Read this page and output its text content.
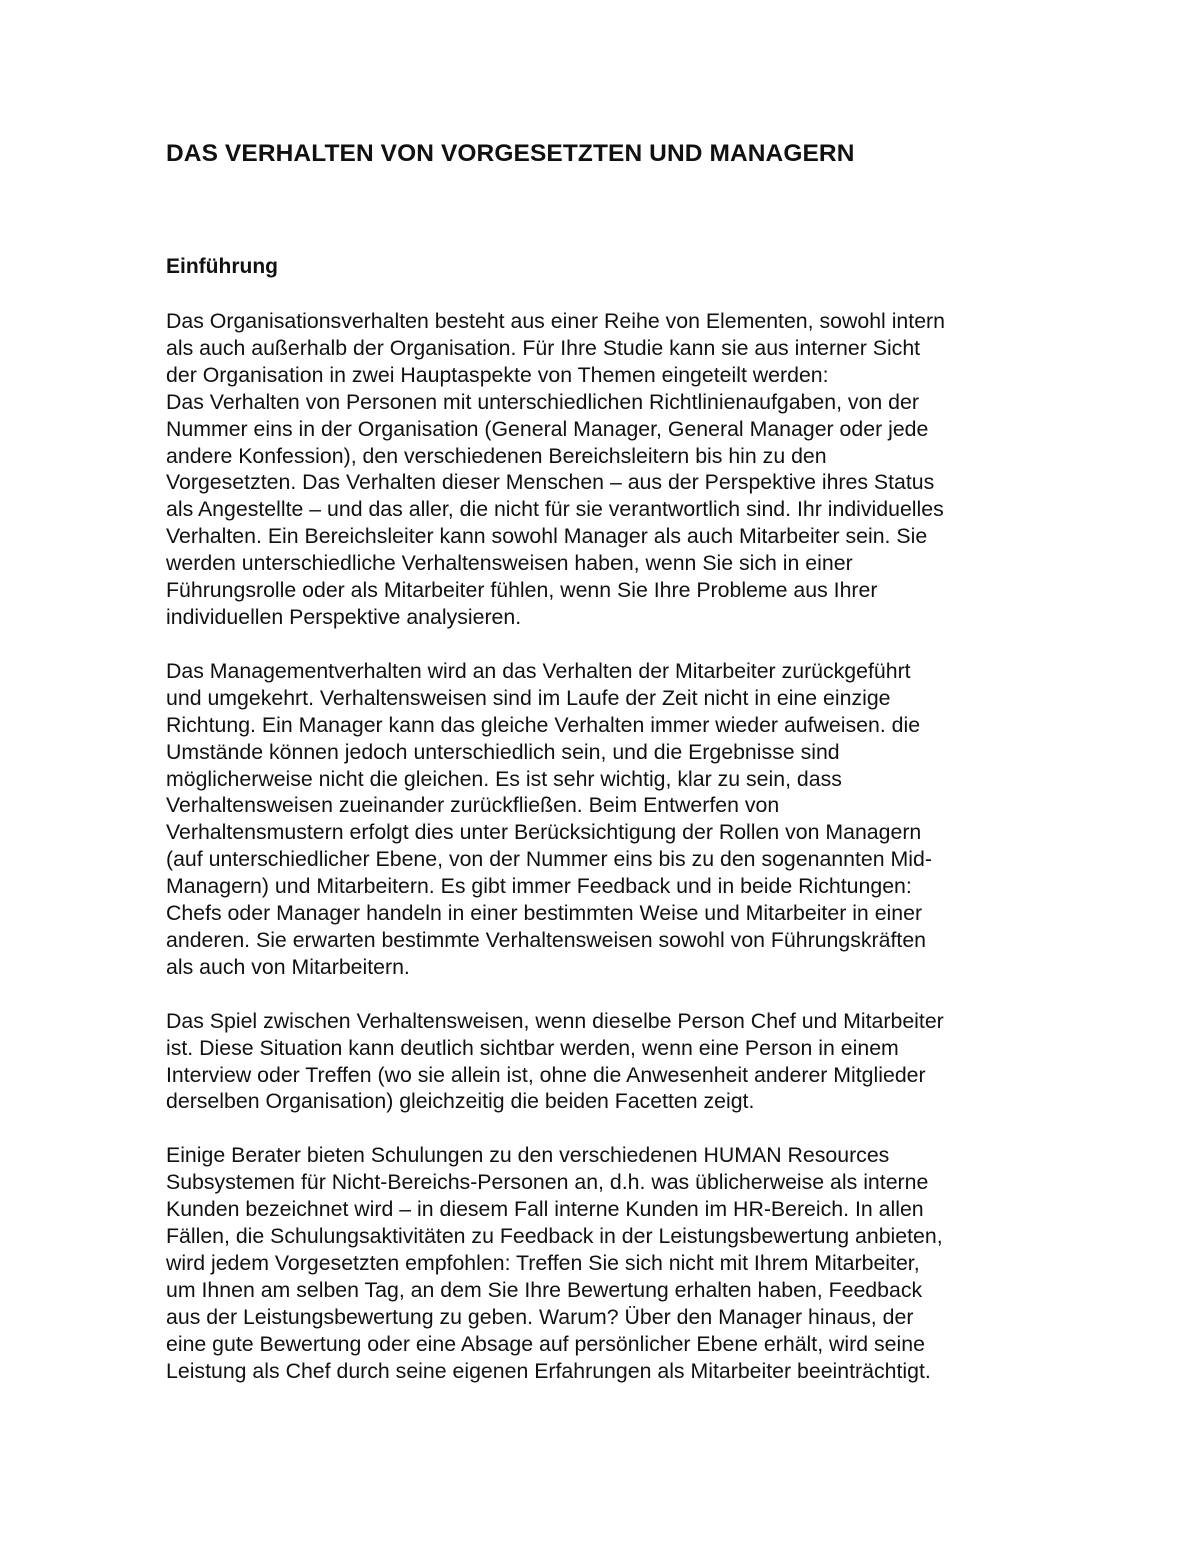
DAS VERHALTEN VON VORGESETZTEN UND MANAGERN
Einführung

Das Organisationsverhalten besteht aus einer Reihe von Elementen, sowohl intern
als auch außerhalb der Organisation. Für Ihre Studie kann sie aus interner Sicht
der Organisation in zwei Hauptaspekte von Themen eingeteilt werden:
Das Verhalten von Personen mit unterschiedlichen Richtlinienaufgaben, von der
Nummer eins in der Organisation (General Manager, General Manager oder jede
andere Konfession), den verschiedenen Bereichsleitern bis hin zu den
Vorgesetzten. Das Verhalten dieser Menschen – aus der Perspektive ihres Status
als Angestellte – und das aller, die nicht für sie verantwortlich sind. Ihr individuelles
Verhalten. Ein Bereichsleiter kann sowohl Manager als auch Mitarbeiter sein. Sie
werden unterschiedliche Verhaltensweisen haben, wenn Sie sich in einer
Führungsrolle oder als Mitarbeiter fühlen, wenn Sie Ihre Probleme aus Ihrer
individuellen Perspektive analysieren.

Das Managementverhalten wird an das Verhalten der Mitarbeiter zurückgeführt
und umgekehrt. Verhaltensweisen sind im Laufe der Zeit nicht in eine einzige
Richtung. Ein Manager kann das gleiche Verhalten immer wieder aufweisen. die
Umstände können jedoch unterschiedlich sein, und die Ergebnisse sind
möglicherweise nicht die gleichen. Es ist sehr wichtig, klar zu sein, dass
Verhaltensweisen zueinander zurückfließen. Beim Entwerfen von
Verhaltensmustern erfolgt dies unter Berücksichtigung der Rollen von Managern
(auf unterschiedlicher Ebene, von der Nummer eins bis zu den sogenannten Mid-
Managern) und Mitarbeitern. Es gibt immer Feedback und in beide Richtungen:
Chefs oder Manager handeln in einer bestimmten Weise und Mitarbeiter in einer
anderen. Sie erwarten bestimmte Verhaltensweisen sowohl von Führungskräften
als auch von Mitarbeitern.

Das Spiel zwischen Verhaltensweisen, wenn dieselbe Person Chef und Mitarbeiter
ist. Diese Situation kann deutlich sichtbar werden, wenn eine Person in einem
Interview oder Treffen (wo sie allein ist, ohne die Anwesenheit anderer Mitglieder
derselben Organisation) gleichzeitig die beiden Facetten zeigt.

Einige Berater bieten Schulungen zu den verschiedenen HUMAN Resources
Subsystemen für Nicht-Bereichs-Personen an, d.h. was üblicherweise als interne
Kunden bezeichnet wird – in diesem Fall interne Kunden im HR-Bereich. In allen
Fällen, die Schulungsaktivitäten zu Feedback in der Leistungsbewertung anbieten,
wird jedem Vorgesetzten empfohlen: Treffen Sie sich nicht mit Ihrem Mitarbeiter,
um Ihnen am selben Tag, an dem Sie Ihre Bewertung erhalten haben, Feedback
aus der Leistungsbewertung zu geben. Warum? Über den Manager hinaus, der
eine gute Bewertung oder eine Absage auf persönlicher Ebene erhält, wird seine
Leistung als Chef durch seine eigenen Erfahrungen als Mitarbeiter beeinträchtigt.
